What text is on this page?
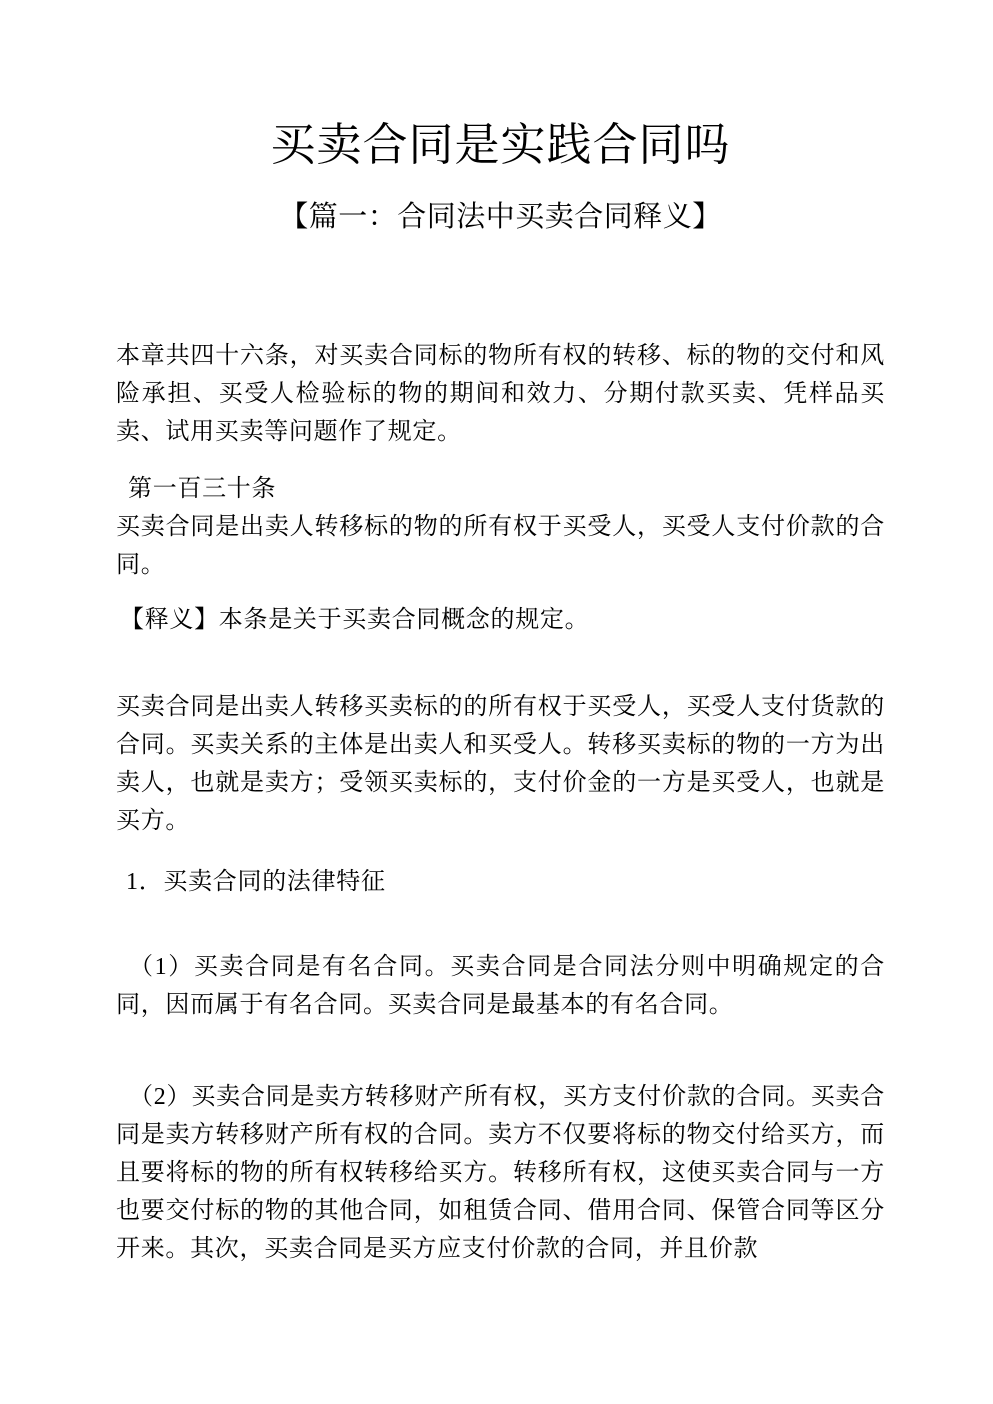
买卖合同是实践合同吗
【篇一：合同法中买卖合同释义】

本章共四十六条，对买卖合同标的物所有权的转移、标的物的交付和风险承担、买受人检验标的物的期间和效力、分期付款买卖、凭样品买卖、试用买卖等问题作了规定。

第一百三十条

买卖合同是出卖人转移标的物的所有权于买受人，买受人支付价款的合同。

【释义】本条是关于买卖合同概念的规定。

买卖合同是出卖人转移买卖标的的所有权于买受人，买受人支付货款的合同。买卖关系的主体是出卖人和买受人。转移买卖标的物的一方为出卖人，也就是卖方；受领买卖标的，支付价金的一方是买受人，也就是买方。

1．买卖合同的法律特征

（1）买卖合同是有名合同。买卖合同是合同法分则中明确规定的合同，因而属于有名合同。买卖合同是最基本的有名合同。

（2）买卖合同是卖方转移财产所有权，买方支付价款的合同。买卖合同是卖方转移财产所有权的合同。卖方不仅要将标的物交付给买方，而且要将标的物的所有权转移给买方。转移所有权，这使买卖合同与一方也要交付标的物的其他合同，如租赁合同、借用合同、保管合同等区分开来。其次，买卖合同是买方应支付价款的合同，并且价款
